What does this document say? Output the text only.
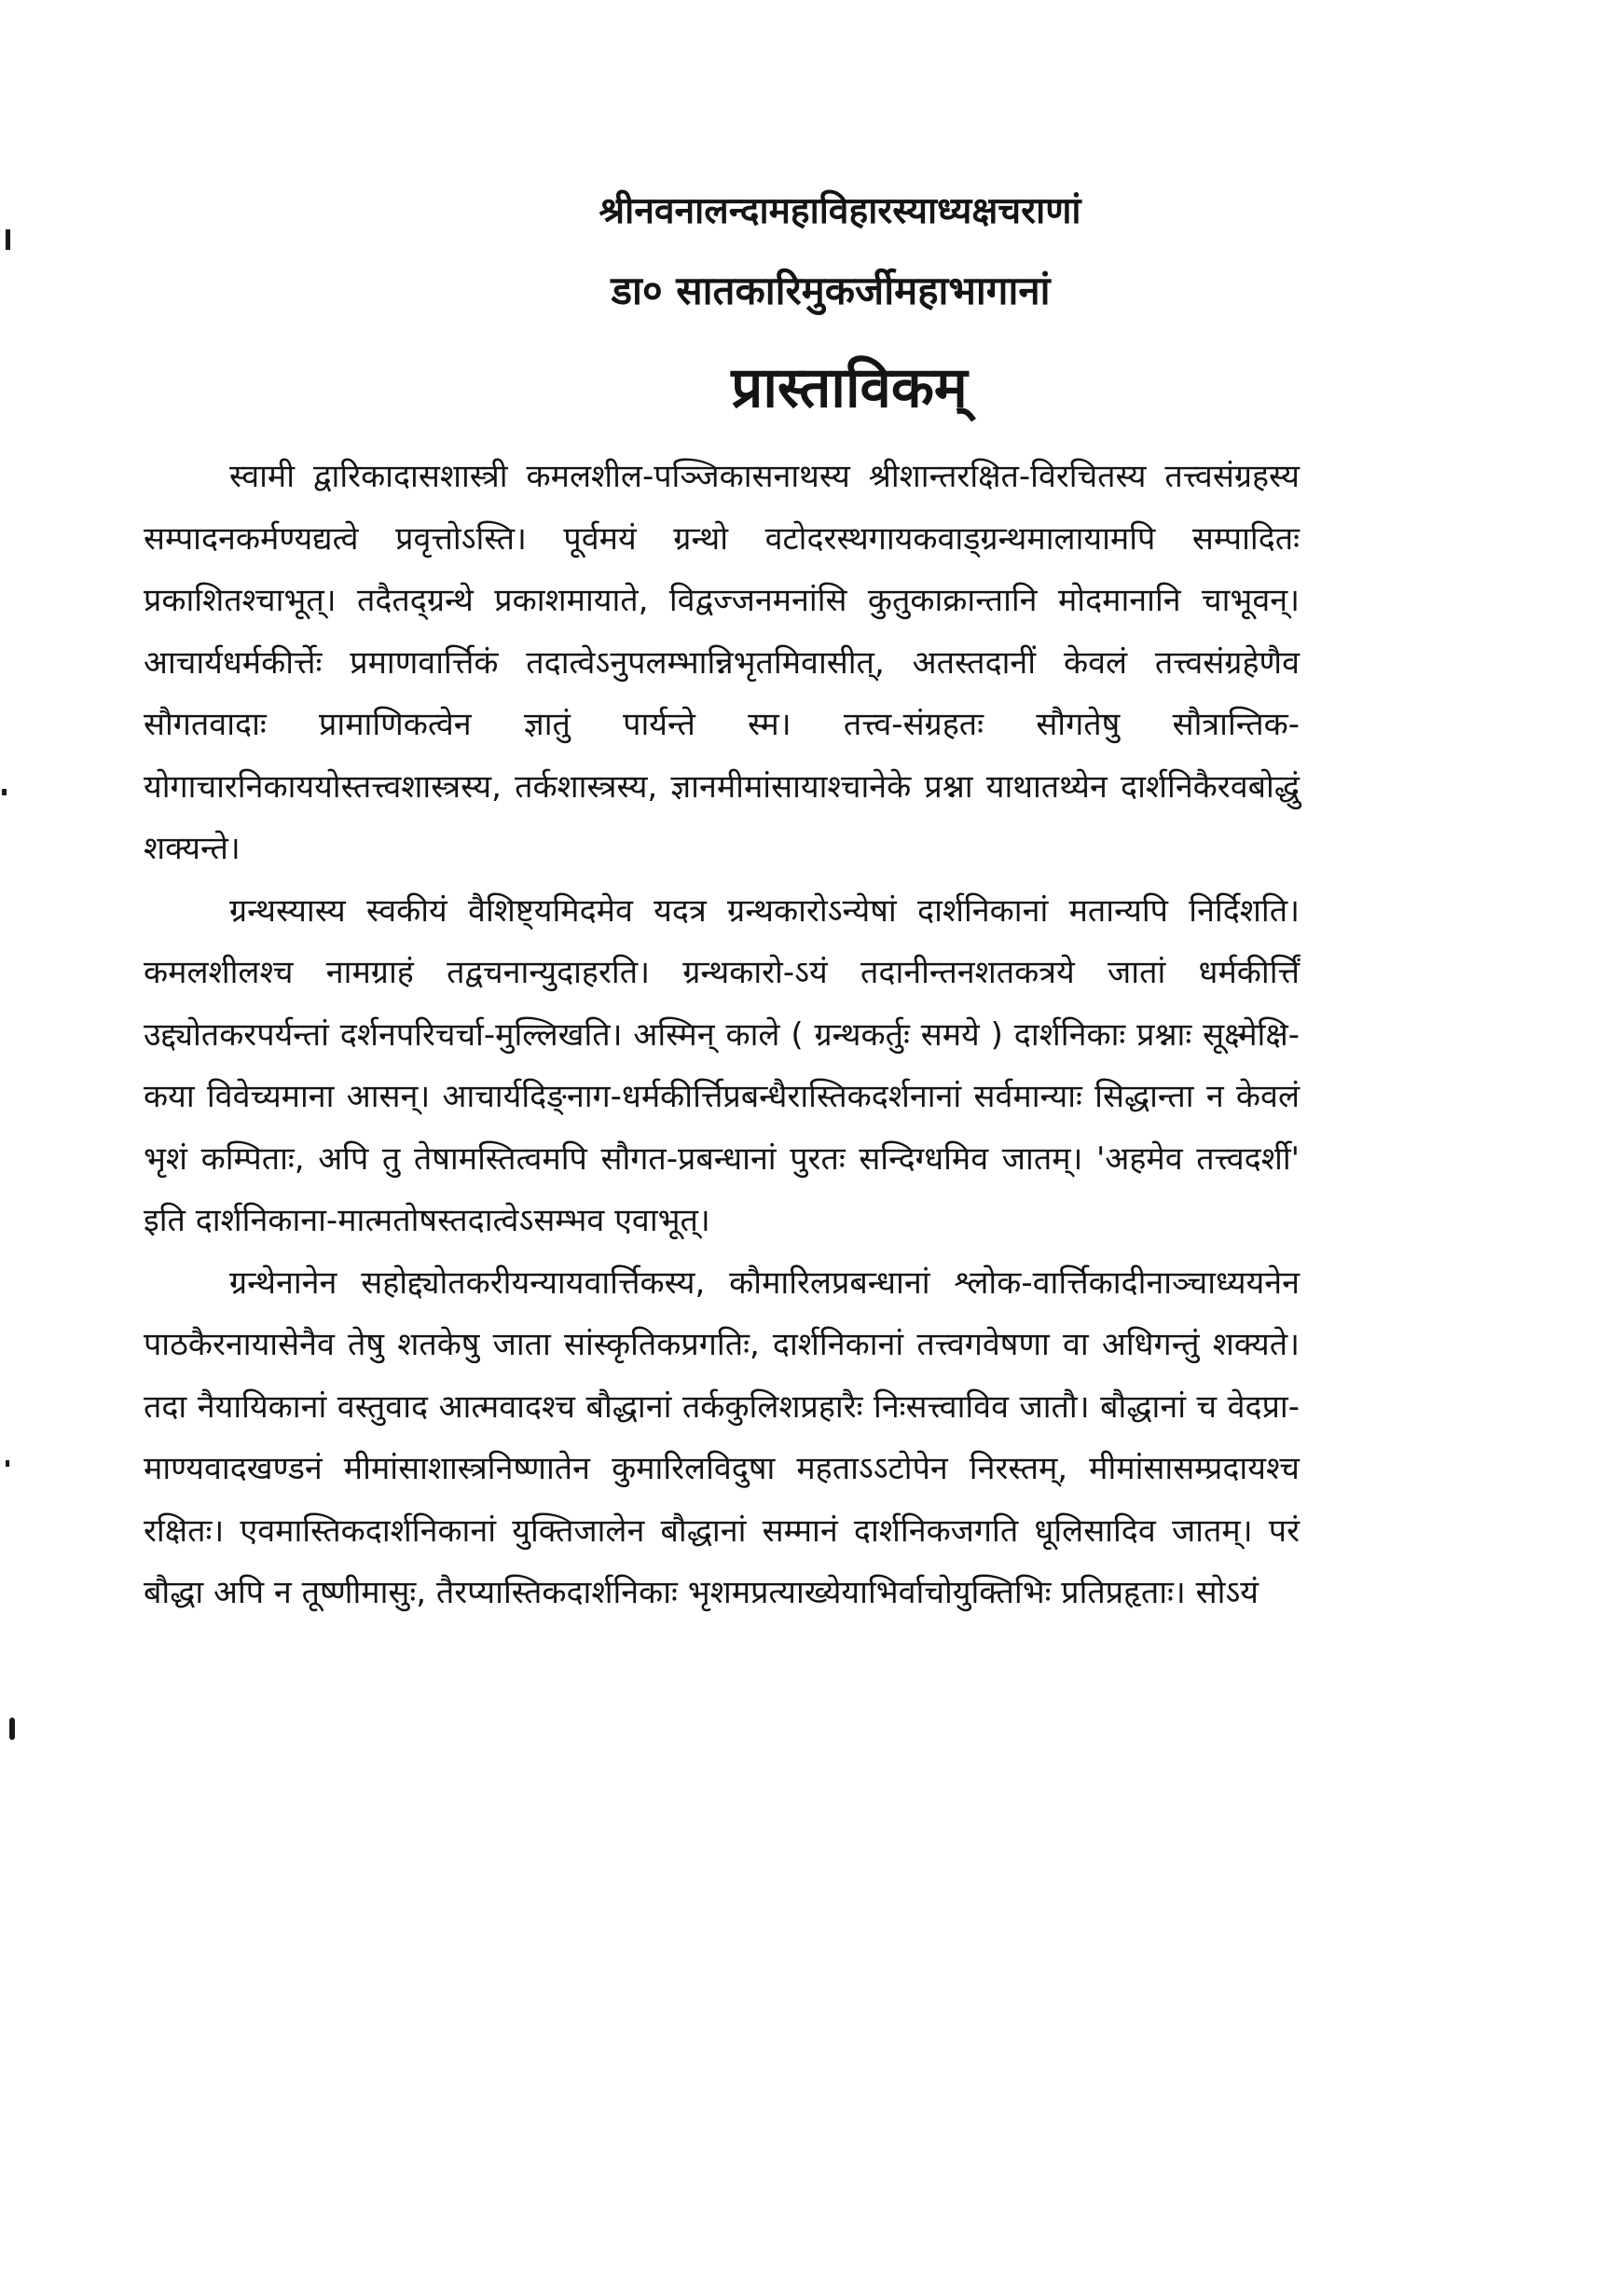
श्रीनवनालन्दामहाविहारस्याध्यक्षचराणां
डा० सातकारिमुकर्जीमहाभागानां
प्रास्ताविकम्

स्वामी द्वारिकादासशास्त्री कमलशील-पञ्जिकासनाथस्य श्रीशान्तरक्षित-विरचितस्य तत्त्वसंग्रहस्य सम्पादनकर्मण्यद्यत्वे प्रवृत्तोऽस्ति। पूर्वमयं ग्रन्थो वटोदरस्थगायकवाड्ग्रन्थमालायामपि सम्पादितः प्रकाशितश्चाभूत्। तदैतद्ग्रन्थे प्रकाशमायाते, विद्वज्जनमनांसि कुतुकाक्रान्तानि मोदमानानि चाभूवन्। आचार्यधर्मकीर्त्तेः प्रमाणवार्त्तिकं तदात्वेऽनुपलम्भान्निभृतमिवासीत्, अतस्तदानीं केवलं तत्त्वसंग्रहेणैव सौगतवादाः प्रामाणिकत्वेन ज्ञातुं पार्यन्ते स्म। तत्त्व-संग्रहतः सौगतेषु सौत्रान्तिक-योगाचारनिकाययोस्तत्त्वशास्त्रस्य, तर्कशास्त्रस्य, ज्ञानमीमांसायाश्चानेके प्रश्ना याथातथ्येन दार्शनिकैरवबोद्धुं शक्यन्ते।

ग्रन्थस्यास्य स्वकीयं वैशिष्ट्यमिदमेव यदत्र ग्रन्थकारोऽन्येषां दार्शनिकानां मतान्यपि निर्दिशति। कमलशीलश्च नामग्राहं तद्वचनान्युदाहरति। ग्रन्थकारो-ऽयं तदानीन्तनशतकत्रये जातां धर्मकीर्त्तिं उद्द्योतकरपर्यन्तां दर्शनपरिचर्चा-मुल्लिखति। अस्मिन् काले ( ग्रन्थकर्तुः समये ) दार्शनिकाः प्रश्नाः सूक्ष्मेक्षि-कया विवेच्यमाना आसन्। आचार्यदिङ्नाग-धर्मकीर्त्तिप्रबन्धैरास्तिकदर्शनानां सर्वमान्याः सिद्धान्ता न केवलं भृशं कम्पिताः, अपि तु तेषामस्तित्वमपि सौगत-प्रबन्धानां पुरतः सन्दिग्धमिव जातम्। 'अहमेव तत्त्वदर्शी' इति दार्शनिकाना-मात्मतोषस्तदात्वेऽसम्भव एवाभूत्।

ग्रन्थेनानेन सहोद्द्योतकरीयन्यायवार्त्तिकस्य, कौमारिलप्रबन्धानां श्लोक-वार्त्तिकादीनाञ्चाध्ययनेन पाठकैरनायासेनैव तेषु शतकेषु जाता सांस्कृतिकप्रगतिः, दार्शनिकानां तत्त्वगवेषणा वा अधिगन्तुं शक्यते। तदा नैयायिकानां वस्तुवाद आत्मवादश्च बौद्धानां तर्ककुलिशप्रहारैः निःसत्त्वाविव जातौ। बौद्धानां च वेदप्रा-माण्यवादखण्डनं मीमांसाशास्त्रनिष्णातेन कुमारिलविदुषा महताऽऽटोपेन निरस्तम्, मीमांसासम्प्रदायश्च रक्षितः। एवमास्तिकदार्शनिकानां युक्तिजालेन बौद्धानां सम्मानं दार्शनिकजगति धूलिसादिव जातम्। परं बौद्धा अपि न तूष्णीमासुः, तैरप्यास्तिकदार्शनिकाः भृशमप्रत्याख्येयाभिर्वाचोयुक्तिभिः प्रतिप्रहृताः। सोऽयं
